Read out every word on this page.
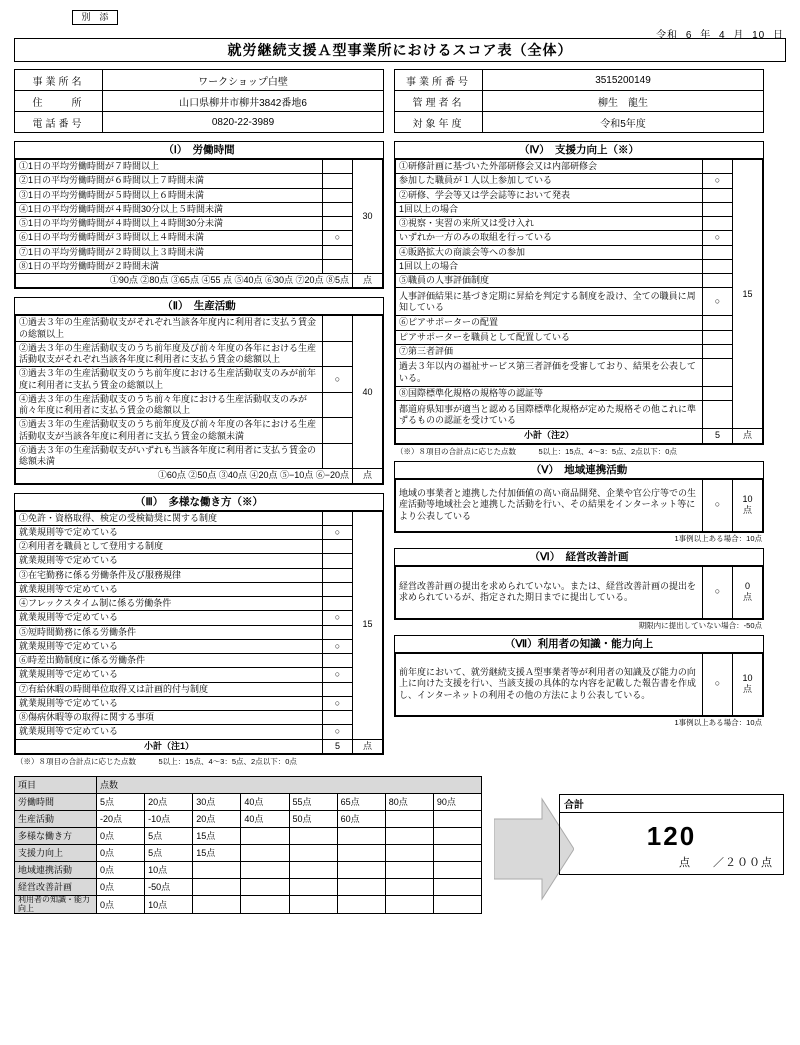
別　添
令和 6 年 4 月 10 日
就労継続支援Ａ型事業所におけるスコア表（全体）
事業所名	ワークショップ白壁
住　　所	山口県柳井市柳井3842番地6
電話番号	0820-22-3989
事業所番号	3515200149
管理者名	柳生　龍生
対象年度	令和5年度
（Ⅰ）　労働時間
①1日の平均労働時間が７時間以上		30
②1日の平均労働時間が６時間以上７時間未満		
③1日の平均労働時間が５時間以上６時間未満		
④1日の平均労働時間が４時間30分以上５時間未満		
⑤1日の平均労働時間が４時間以上４時間30分未満		
⑥1日の平均労働時間が３時間以上４時間未満	○	
⑦1日の平均労働時間が２時間以上３時間未満		
⑧1日の平均労働時間が２時間未満		
①90点 ②80点 ③65点 ④55 点 ⑤40点 ⑥30点 ⑦20点 ⑧5点		点
（Ⅱ）　生産活動
①過去３年の生産活動収支がそれぞれ当該各年度内に利用者に支払う賃金の総額以上		40
②過去３年の生産活動収支のうち前年度及び前々年度の各年における生産活動収支がそれぞれ当該各年度に利用者に支払う賃金の総額以上		
③過去３年の生産活動収支のうち前年度における生産活動収支のみが前年度に利用者に支払う賃金の総額以上	○	
④過去３年の生産活動収支のうち前々年度における生産活動収支のみが前々年度に利用者に支払う賃金の総額以上		
⑤過去３年の生産活動収支のうち前年度及び前々年度の各年における生産活動収支が当該各年度に利用者に支払う賃金の総額未満		
⑥過去３年の生産活動収支がいずれも当該各年度に利用者に支払う賃金の総額未満		
①60点 ②50点 ③40点 ④20点 ⑤−10点 ⑥−20点		点
（Ⅲ）　多様な働き方（※）
①免許・資格取得、検定の受検勧奨に関する制度		15
就業規則等で定めている	○	
②利用者を職員として登用する制度		
就業規則等で定めている		
③在宅勤務に係る労働条件及び服務規律		
就業規則等で定めている		
④フレックスタイム制に係る労働条件		
就業規則等で定めている	○	
⑤短時間勤務に係る労働条件		
就業規則等で定めている	○	
⑥時差出勤制度に係る労働条件		
就業規則等で定めている	○	
⑦有給休暇の時間単位取得又は計画的付与制度		
就業規則等で定めている	○	
⑧傷病休暇等の取得に関する事項		
就業規則等で定めている	○	
小計（注1）	5	点
（※）８項目の合計点に応じた点数　　　5以上：15点、4～3：5点、2点以下：0点
（Ⅳ）　支援力向上（※）
①研修計画に基づいた外部研修会又は内部研修会		15
参加した職員が１人以上参加している	○	
②研修、学会等又は学会誌等において発表		
1回以上の場合		
③視察・実習の来所又は受け入れ		
いずれか一方のみの取組を行っている	○	
④販路拡大の商談会等への参加		
1回以上の場合		
⑤職員の人事評価制度		
人事評価結果に基づき定期に昇給を判定する制度を設け、全ての職員に周知している	○	
⑥ピアサポーターの配置		
ピアサポーターを職員として配置している		
⑦第三者評価		
過去３年以内の福祉サービス第三者評価を受審しており、結果を公表している。		
⑧国際標準化規格の規格等の認証等		
都道府県知事が適当と認める国際標準化規格が定めた規格その他これに準ずるものの認証を受けている		
小計（注2）	5	点
（※）８項目の合計点に応じた点数　　　5以上：15点、4～3：5点、2点以下：0点
（Ⅴ）　地域連携活動
地域の事業者と連携した付加価値の高い商品開発、企業や官公庁等での生産活動等地域社会と連携した活動を行い、その結果をインターネット等により公表している	○	
10
点
1事例以上ある場合：10点
（Ⅵ）　経営改善計画
経営改善計画の提出を求められていない。または、経営改善計画の提出を求められているが、指定された期日までに提出している。	○	
0
点
期限内に提出していない場合：-50点
（Ⅶ）利用者の知識・能力向上
前年度において、就労継続支援Ａ型事業者等が利用者の知識及び能力の向上に向けた支援を行い、当該支援の具体的な内容を記載した報告書を作成し、インターネットの利用その他の方法により公表している。	○	
10
点
1事例以上ある場合：10点
項目	点数							
労働時間	5点	20点	30点	40点	55点	65点	80点	90点
生産活動	-20点	-10点	20点	40点	50点	60点		
多様な働き方	0点	5点	15点					
支援力向上	0点	5点	15点					
地域連携活動	0点	10点						
経営改善計画	0点	-50点						
利用者の知識・能力向上	0点	10点						
合計
120
点 ／２００点
